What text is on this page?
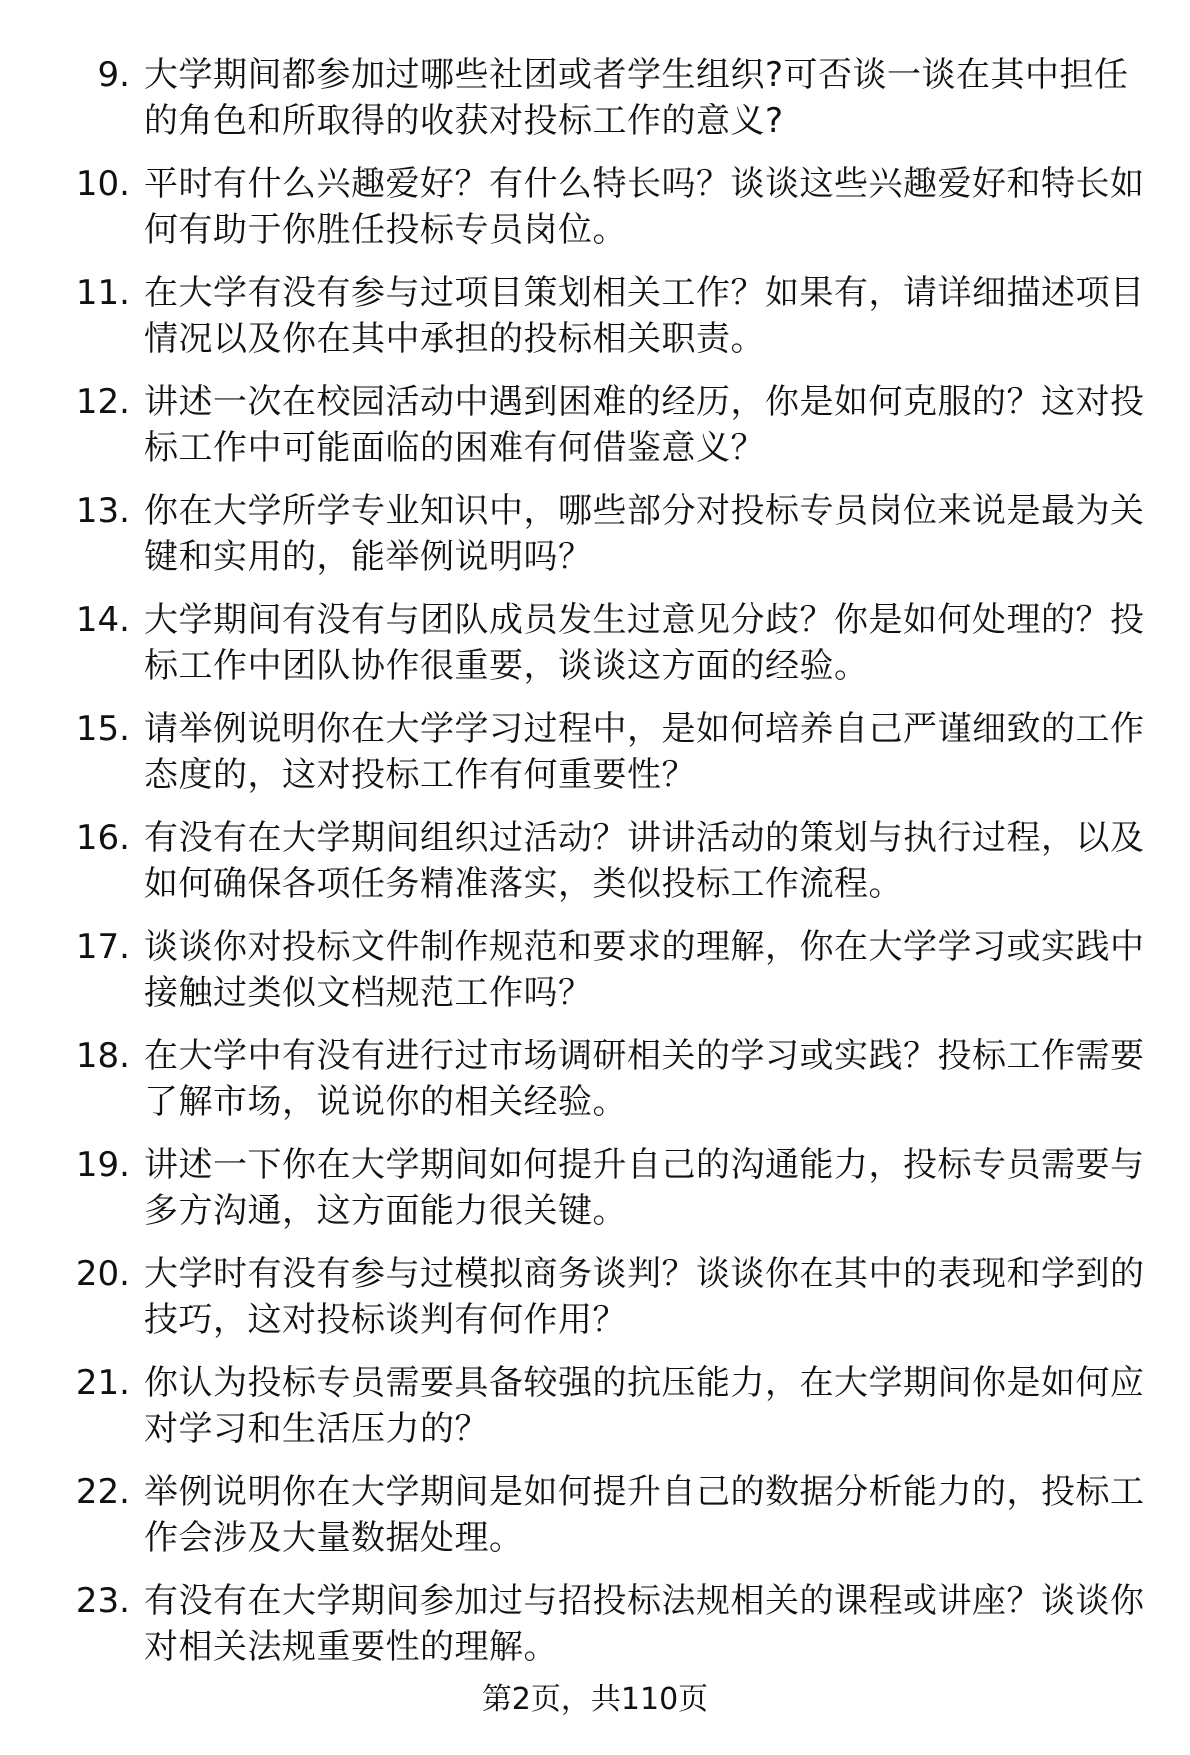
9. 大学期间都参加过哪些社团或者学生组织?可否谈一谈在其中担任的角色和所取得的收获对投标工作的意义?
10. 平时有什么兴趣爱好？有什么特长吗？谈谈这些兴趣爱好和特长如何有助于你胜任投标专员岗位。
11. 在大学有没有参与过项目策划相关工作？如果有，请详细描述项目情况以及你在其中承担的投标相关职责。
12. 讲述一次在校园活动中遇到困难的经历，你是如何克服的？这对投标工作中可能面临的困难有何借鉴意义？
13. 你在大学所学专业知识中，哪些部分对投标专员岗位来说是最为关键和实用的，能举例说明吗？
14. 大学期间有没有与团队成员发生过意见分歧？你是如何处理的？投标工作中团队协作很重要，谈谈这方面的经验。
15. 请举例说明你在大学学习过程中，是如何培养自己严谨细致的工作态度的，这对投标工作有何重要性？
16. 有没有在大学期间组织过活动？讲讲活动的策划与执行过程，以及如何确保各项任务精准落实，类似投标工作流程。
17. 谈谈你对投标文件制作规范和要求的理解，你在大学学习或实践中接触过类似文档规范工作吗？
18. 在大学中有没有进行过市场调研相关的学习或实践？投标工作需要了解市场，说说你的相关经验。
19. 讲述一下你在大学期间如何提升自己的沟通能力，投标专员需要与多方沟通，这方面能力很关键。
20. 大学时有没有参与过模拟商务谈判？谈谈你在其中的表现和学到的技巧，这对投标谈判有何作用？
21. 你认为投标专员需要具备较强的抗压能力，在大学期间你是如何应对学习和生活压力的？
22. 举例说明你在大学期间是如何提升自己的数据分析能力的，投标工作会涉及大量数据处理。
23. 有没有在大学期间参加过与招投标法规相关的课程或讲座？谈谈你对相关法规重要性的理解。
第2页，共110页
